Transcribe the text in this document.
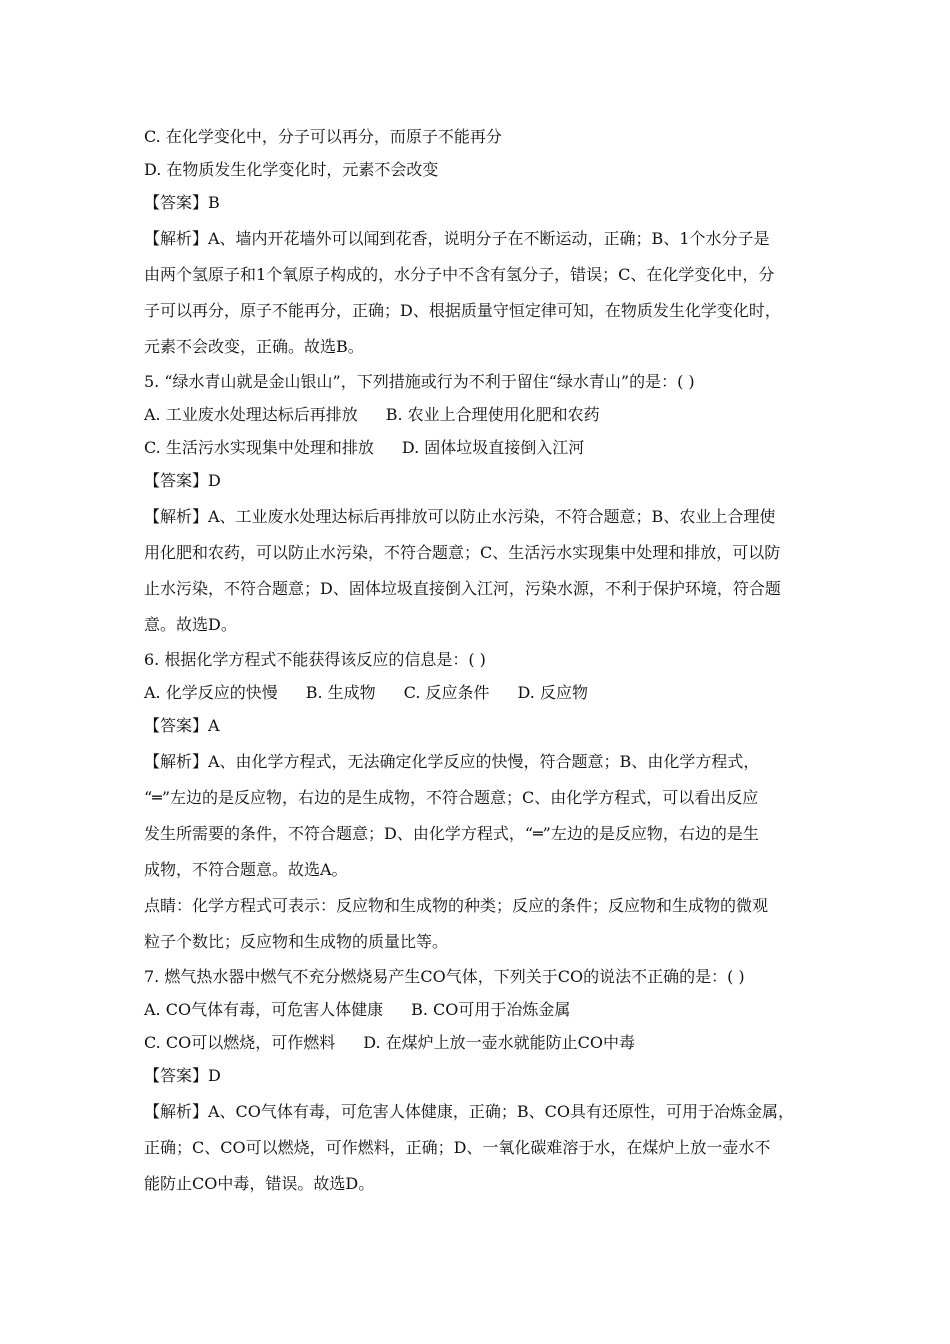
C. 在化学变化中，分子可以再分，而原子不能再分
D. 在物质发生化学变化时，元素不会改变
【答案】B
【解析】A、墙内开花墙外可以闻到花香，说明分子在不断运动，正确；B、1个水分子是
由两个氢原子和1个氧原子构成的，水分子中不含有氢分子，错误；C、在化学变化中，分
子可以再分，原子不能再分，正确；D、根据质量守恒定律可知，在物质发生化学变化时，
元素不会改变，正确。故选B。
5. “绿水青山就是金山银山”，下列措施或行为不利于留住“绿水青山”的是：( )
A. 工业废水处理达标后再排放 B. 农业上合理使用化肥和农药
C. 生活污水实现集中处理和排放 D. 固体垃圾直接倒入江河
【答案】D
【解析】A、工业废水处理达标后再排放可以防止水污染，不符合题意；B、农业上合理使
用化肥和农药，可以防止水污染，不符合题意；C、生活污水实现集中处理和排放，可以防
止水污染，不符合题意；D、固体垃圾直接倒入江河，污染水源，不利于保护环境，符合题
意。故选D。
6. 根据化学方程式不能获得该反应的信息是：( )
A. 化学反应的快慢 B. 生成物 C. 反应条件 D. 反应物
【答案】A
【解析】A、由化学方程式，无法确定化学反应的快慢，符合题意；B、由化学方程式，
“═”左边的是反应物，右边的是生成物，不符合题意；C、由化学方程式，可以看出反应
发生所需要的条件，不符合题意；D、由化学方程式，“═”左边的是反应物，右边的是生
成物，不符合题意。故选A。
点睛：化学方程式可表示：反应物和生成物的种类；反应的条件；反应物和生成物的微观
粒子个数比；反应物和生成物的质量比等。
7. 燃气热水器中燃气不充分燃烧易产生CO气体，下列关于CO的说法不正确的是：( )
A. CO气体有毒，可危害人体健康 B. CO可用于冶炼金属
C. CO可以燃烧，可作燃料 D. 在煤炉上放一壶水就能防止CO中毒
【答案】D
【解析】A、CO气体有毒，可危害人体健康，正确；B、CO具有还原性，可用于冶炼金属，
正确；C、CO可以燃烧，可作燃料，正确；D、一氧化碳难溶于水，在煤炉上放一壶水不
能防止CO中毒，错误。故选D。
